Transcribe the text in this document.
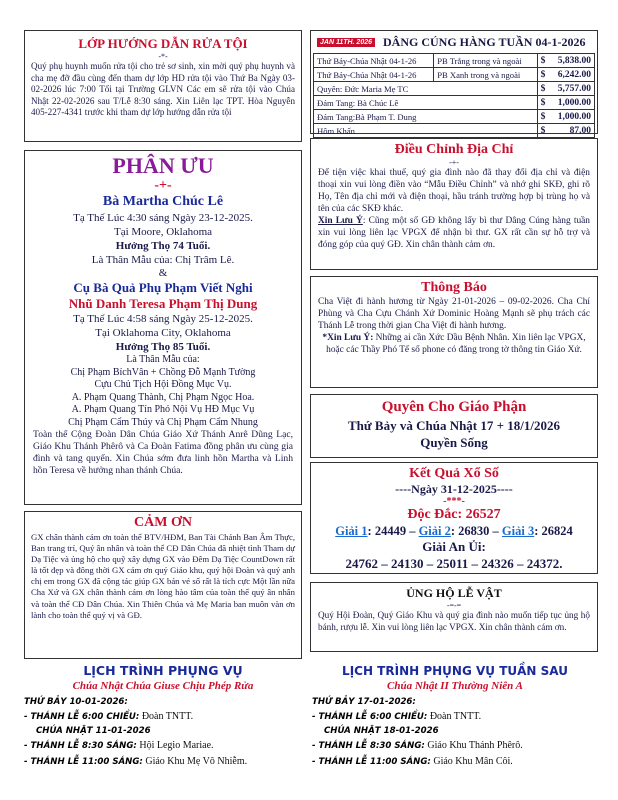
LỚP HƯỚNG DẪN RỬA TỘI
-*-

Quý phụ huynh muốn rửa tội cho trẻ sơ sinh, xin mời quý phụ huynh và cha mẹ đỡ đầu cùng đến tham dự lớp HD rửa tội vào Thứ Ba Ngày 03-02-2026 lúc 7:00 Tối tại Trường GLVN Các em sẽ rửa tội vào Chúa Nhật 22-02-2026 sau T/Lễ 8:30 sáng. Xin Liên lạc TPT. Hòa Nguyễn 405-227-4341 trước khi tham dự lớp hướng dẫn rửa tội

JAN 11TH. 2026 DÂNG CÚNG HÀNG TUẦN 04-1-2026
Thứ Bảy-Chúa Nhật 04-1-26	PB Trắng trong và ngoài	$	5,838.00
Thứ Bảy-Chúa Nhật 04-1-26	PB Xanh trong và ngoài	$	6,242.00
Quyên: Đức Maria Mẹ TC		$	5,757.00
Đám Tang: Bà Chúc Lê		$	1,000.00
Đám Tang:Bà Phạm T. Dung		$	1,000.00
Hôm Khấn		$	87.00
PHÂN ƯU
-+-
Bà Martha Chúc Lê
Tạ Thế Lúc 4:30 sáng Ngày 23-12-2025.
Tại Moore, Oklahoma
Hưởng Thọ 74 Tuổi.
Là Thân Mẫu của: Chị Trâm Lê.
&
Cụ Bà Quả Phụ Phạm Viết Nghi
Nhũ Danh Teresa Phạm Thị Dung
Tạ Thế Lúc 4:58 sáng Ngày 25-12-2025.
Tại Oklahoma City, Oklahoma
Hưởng Thọ 85 Tuổi.
Là Thân Mẫu của:
Chị Phạm BíchVân + Chồng Đỗ Mạnh Tường
Cựu Chủ Tịch Hội Đồng Mục Vụ.
A. Phạm Quang Thành, Chị Phạm Ngọc Hoa.
A. Phạm Quang Tín Phó Nội Vụ HĐ Mục Vụ
Chị Phạm Cẩm Thúy và Chị Phạm Cẩm Nhung

Toàn thể Cộng Đoàn Dân Chúa Giáo Xứ Thánh Anrê Dũng Lạc, Giáo Khu Thánh Phêrô và Ca Đoàn Fatima đồng phân ưu cùng gia đình và tang quyến. Xin Chúa sớm đưa linh hồn Martha và Linh hồn Teresa về hưởng nhan thánh Chúa.

Điều Chỉnh Địa Chỉ
-+-

Để tiện việc khai thuế, quý gia đình nào đã thay đổi địa chỉ và điện thoại xin vui lòng điền vào “Mẫu Điều Chỉnh” và nhớ ghi SKĐ, ghi rõ Họ, Tên địa chỉ mới và điện thoại, hầu tránh trường hợp bị trùng họ và tên của các SKĐ khác.

Xin Lưu Ý: Cũng một số GĐ không lấy bì thư Dâng Cúng hàng tuần xin vui lòng liên lạc VPGX để nhận bì thư. GX rất cần sự hỗ trợ và đóng góp của quý GĐ. Xin chân thành cảm ơn.

Thông Báo

Cha Việt đi hành hương từ Ngày 21-01-2026 – 09-02-2026. Cha Chí Phùng và Cha Cựu Chánh Xứ Dominic Hoàng Mạnh sẽ phụ trách các Thánh Lễ trong thời gian Cha Việt đi hành hương.

*Xin Lưu Ý: Những ai cần Xức Dầu Bệnh Nhân. Xin liên lạc VPGX, hoặc các Thầy Phó Tế số phone có đăng trong tờ thông tin Giáo Xứ.

Quyên Cho Giáo Phận
Thứ Bảy và Chúa Nhật 17 + 18/1/2026
Quyền Sống
Kết Quả Xổ Số
----Ngày 31-12-2025----
-***-
Độc Đắc: 26527
Giải 1: 24449 – Giải 2: 26830 – Giải 3: 26824
Giải An Ủi:
24762 – 24130 – 25011 – 24326 – 24372.
CẢM ƠN

GX chân thành cám ơn toàn thể BTV/HĐM, Ban Tài Chánh Ban Âm Thực, Ban trang trí, Quý ân nhân và toàn thể CĐ Dân Chúa đã nhiệt tình Tham dự Dạ Tiệc và ủng hộ cho quỹ xây dựng GX vào Đêm Dạ Tiệc CountDown rất là tốt đẹp và đông thời GX cám ơn quý Giáo khu, quý hội Đoàn và quý anh chị em trong GX đã cộng tác giúp GX bán vé số rất là tích cực Một lần nữa Cha Xứ và GX chân thành cám ơn lòng hào tâm của toàn thể quý ân nhân và toàn thể CĐ Dân Chúa. Xin Thiên Chúa và Mẹ Maria ban muôn vàn ơn lành cho toàn thể quý vị và GĐ.

ỦNG HỘ LỄ VẬT
-=-=

Quý Hội Đoàn, Quý Giáo Khu và quý gia đình nào muốn tiếp tục ủng hộ bánh, rượu lễ. Xin vui lòng liên lạc VPGX. Xin chân thành cám ơn.

LỊCH TRÌNH PHỤNG VỤ
Chúa Nhật Chúa Giuse Chịu Phép Rửa
THỨ BẢY 10-01-2026:
- THÁNH LỄ 6:00 CHIỀU: Đoàn TNTT.
CHÚA NHẬT 11-01-2026
- THÁNH LỄ 8:30 SÁNG: Hội Legio Mariae.
- THÁNH LỄ 11:00 SÁNG: Giáo Khu Mẹ Vô Nhiễm.
LỊCH TRÌNH PHỤNG VỤ TUẦN SAU
Chúa Nhật II Thường Niên A
THỨ BẢY 17-01-2026:
- THÁNH LỄ 6:00 CHIỀU: Đoàn TNTT.
CHÚA NHẬT 18-01-2026
- THÁNH LỄ 8:30 SÁNG: Giáo Khu Thánh Phêrô.
- THÁNH LỄ 11:00 SÁNG: Giáo Khu Mân Côi.
